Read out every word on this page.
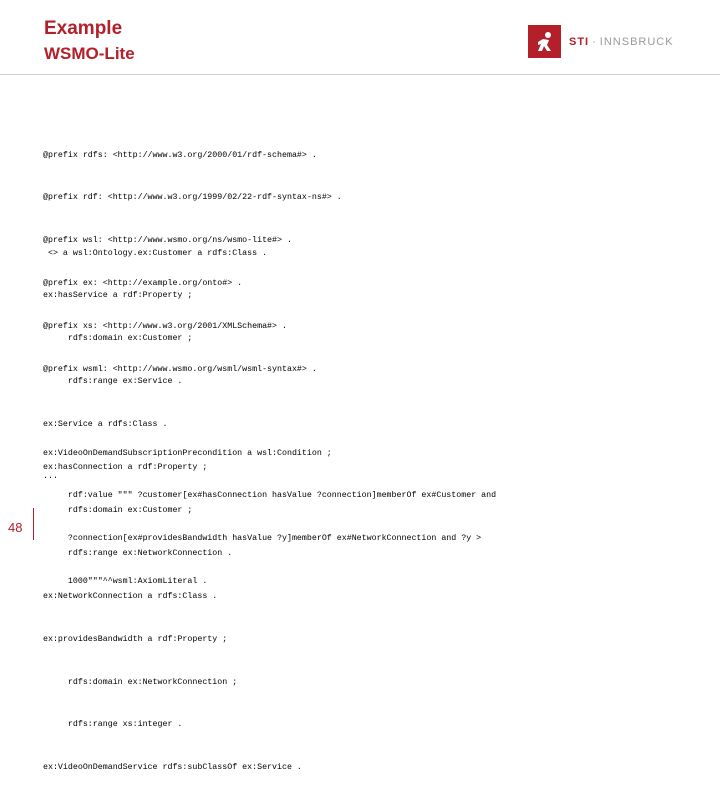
Example
WSMO-Lite
STI · INNSBRUCK

@prefix rdfs: <http://www.w3.org/2000/01/rdf-schema#> .

@prefix rdf: <http://www.w3.org/1999/02/22-rdf-syntax-ns#> .

@prefix wsl: <http://www.wsmo.org/ns/wsmo-lite#> .

@prefix ex: <http://example.org/onto#> .

@prefix xs: <http://www.w3.org/2001/XMLSchema#> .

@prefix wsml: <http://www.wsmo.org/wsml/wsml-syntax#> .

<> a wsl:Ontology.ex:Customer a rdfs:Class .

ex:hasService a rdf:Property ;

rdfs:domain ex:Customer ;

rdfs:range ex:Service .

ex:Service a rdfs:Class .

ex:hasConnection a rdf:Property ;

rdfs:domain ex:Customer ;

rdfs:range ex:NetworkConnection .

ex:NetworkConnection a rdfs:Class .

ex:providesBandwidth a rdf:Property ;

rdfs:domain ex:NetworkConnection ;

rdfs:range xs:integer .

ex:VideoOnDemandService rdfs:subClassOf ex:Service .

ex:VideoOnDemandSubscriptionPrecondition a wsl:Condition ;

rdf:value """ ?customer[ex#hasConnection hasValue ?connection]memberOf ex#Customer and

?connection[ex#providesBandwidth hasValue ?y]memberOf ex#NetworkConnection and ?y >

1000"""^^wsml:AxiomLiteral .

...
48
